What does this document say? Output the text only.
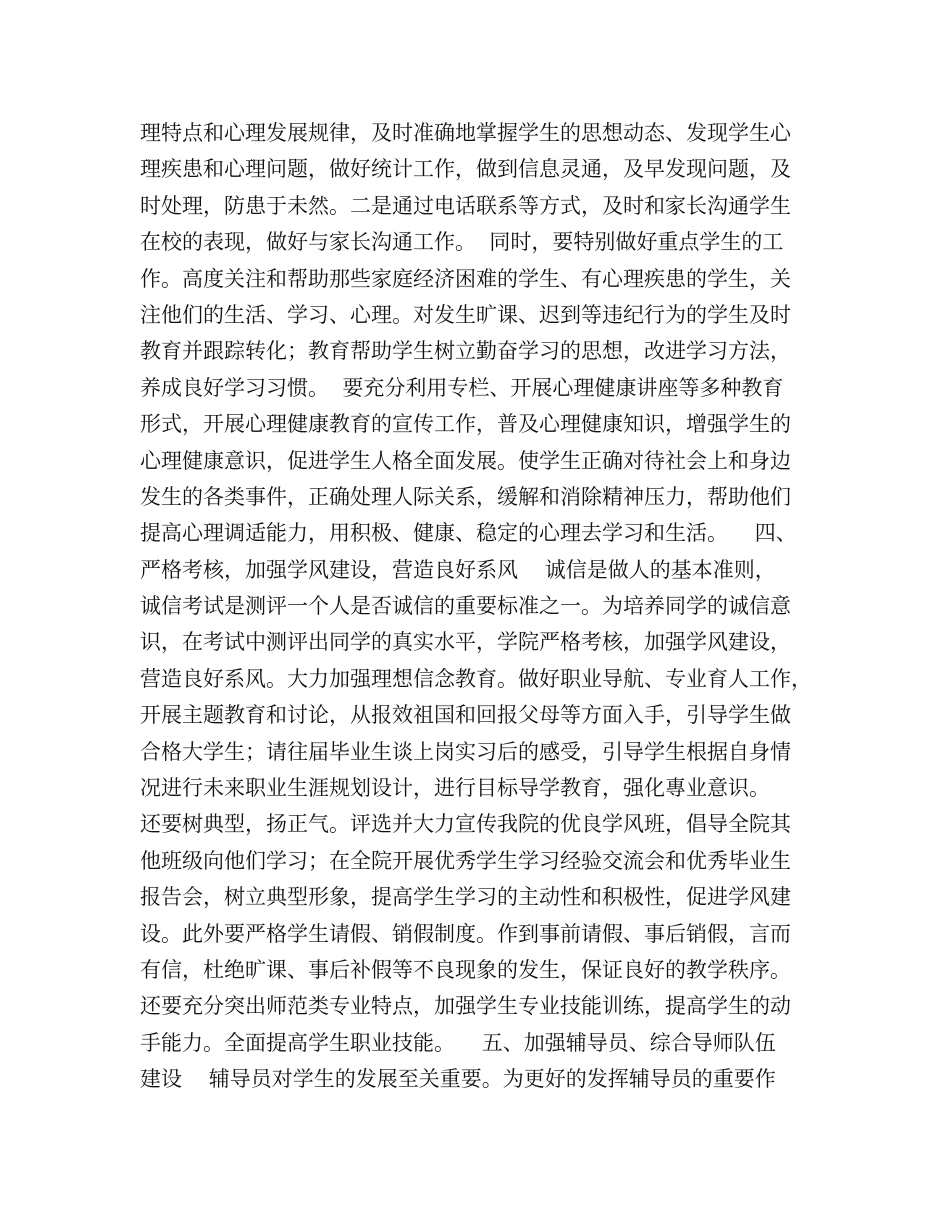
理特点和心理发展规律，及时准确地掌握学生的思想动态、发现学生心
理疾患和心理问题，做好统计工作，做到信息灵通，及早发现问题，及
时处理，防患于未然。二是通过电话联系等方式，及时和家长沟通学生
在校的表现，做好与家长沟通工作。  同时，要特别做好重点学生的工
作。高度关注和帮助那些家庭经济困难的学生、有心理疾患的学生，关
注他们的生活、学习、心理。对发生旷课、迟到等违纪行为的学生及时
教育并跟踪转化；教育帮助学生树立勤奋学习的思想，改进学习方法，
养成良好学习习惯。  要充分利用专栏、开展心理健康讲座等多种教育
形式，开展心理健康教育的宣传工作，普及心理健康知识，增强学生的
心理健康意识，促进学生人格全面发展。使学生正确对待社会上和身边
发生的各类事件，正确处理人际关系，缓解和消除精神压力，帮助他们
提高心理调适能力，用积极、健康、稳定的心理去学习和生活。    四、
严格考核，加强学风建设，营造良好系风    诚信是做人的基本准则，
诚信考试是测评一个人是否诚信的重要标准之一。为培养同学的诚信意
识，在考试中测评出同学的真实水平，学院严格考核，加强学风建设，
营造良好系风。大力加强理想信念教育。做好职业导航、专业育人工作，
开展主题教育和讨论，从报效祖国和回报父母等方面入手，引导学生做
合格大学生；请往届毕业生谈上岗实习后的感受，引导学生根据自身情
况进行未来职业生涯规划设计，进行目标导学教育，强化專业意识。
还要树典型，扬正气。评选并大力宣传我院的优良学风班，倡导全院其
他班级向他们学习；在全院开展优秀学生学习经验交流会和优秀毕业生
报告会，树立典型形象，提高学生学习的主动性和积极性，促进学风建
设。此外要严格学生请假、销假制度。作到事前请假、事后销假，言而
有信，杜绝旷课、事后补假等不良现象的发生，保证良好的教学秩序。
还要充分突出师范类专业特点，加强学生专业技能训练，提高学生的动
手能力。全面提高学生职业技能。    五、加强辅导员、综合导师队伍
建设    辅导员对学生的发展至关重要。为更好的发挥辅导员的重要作
